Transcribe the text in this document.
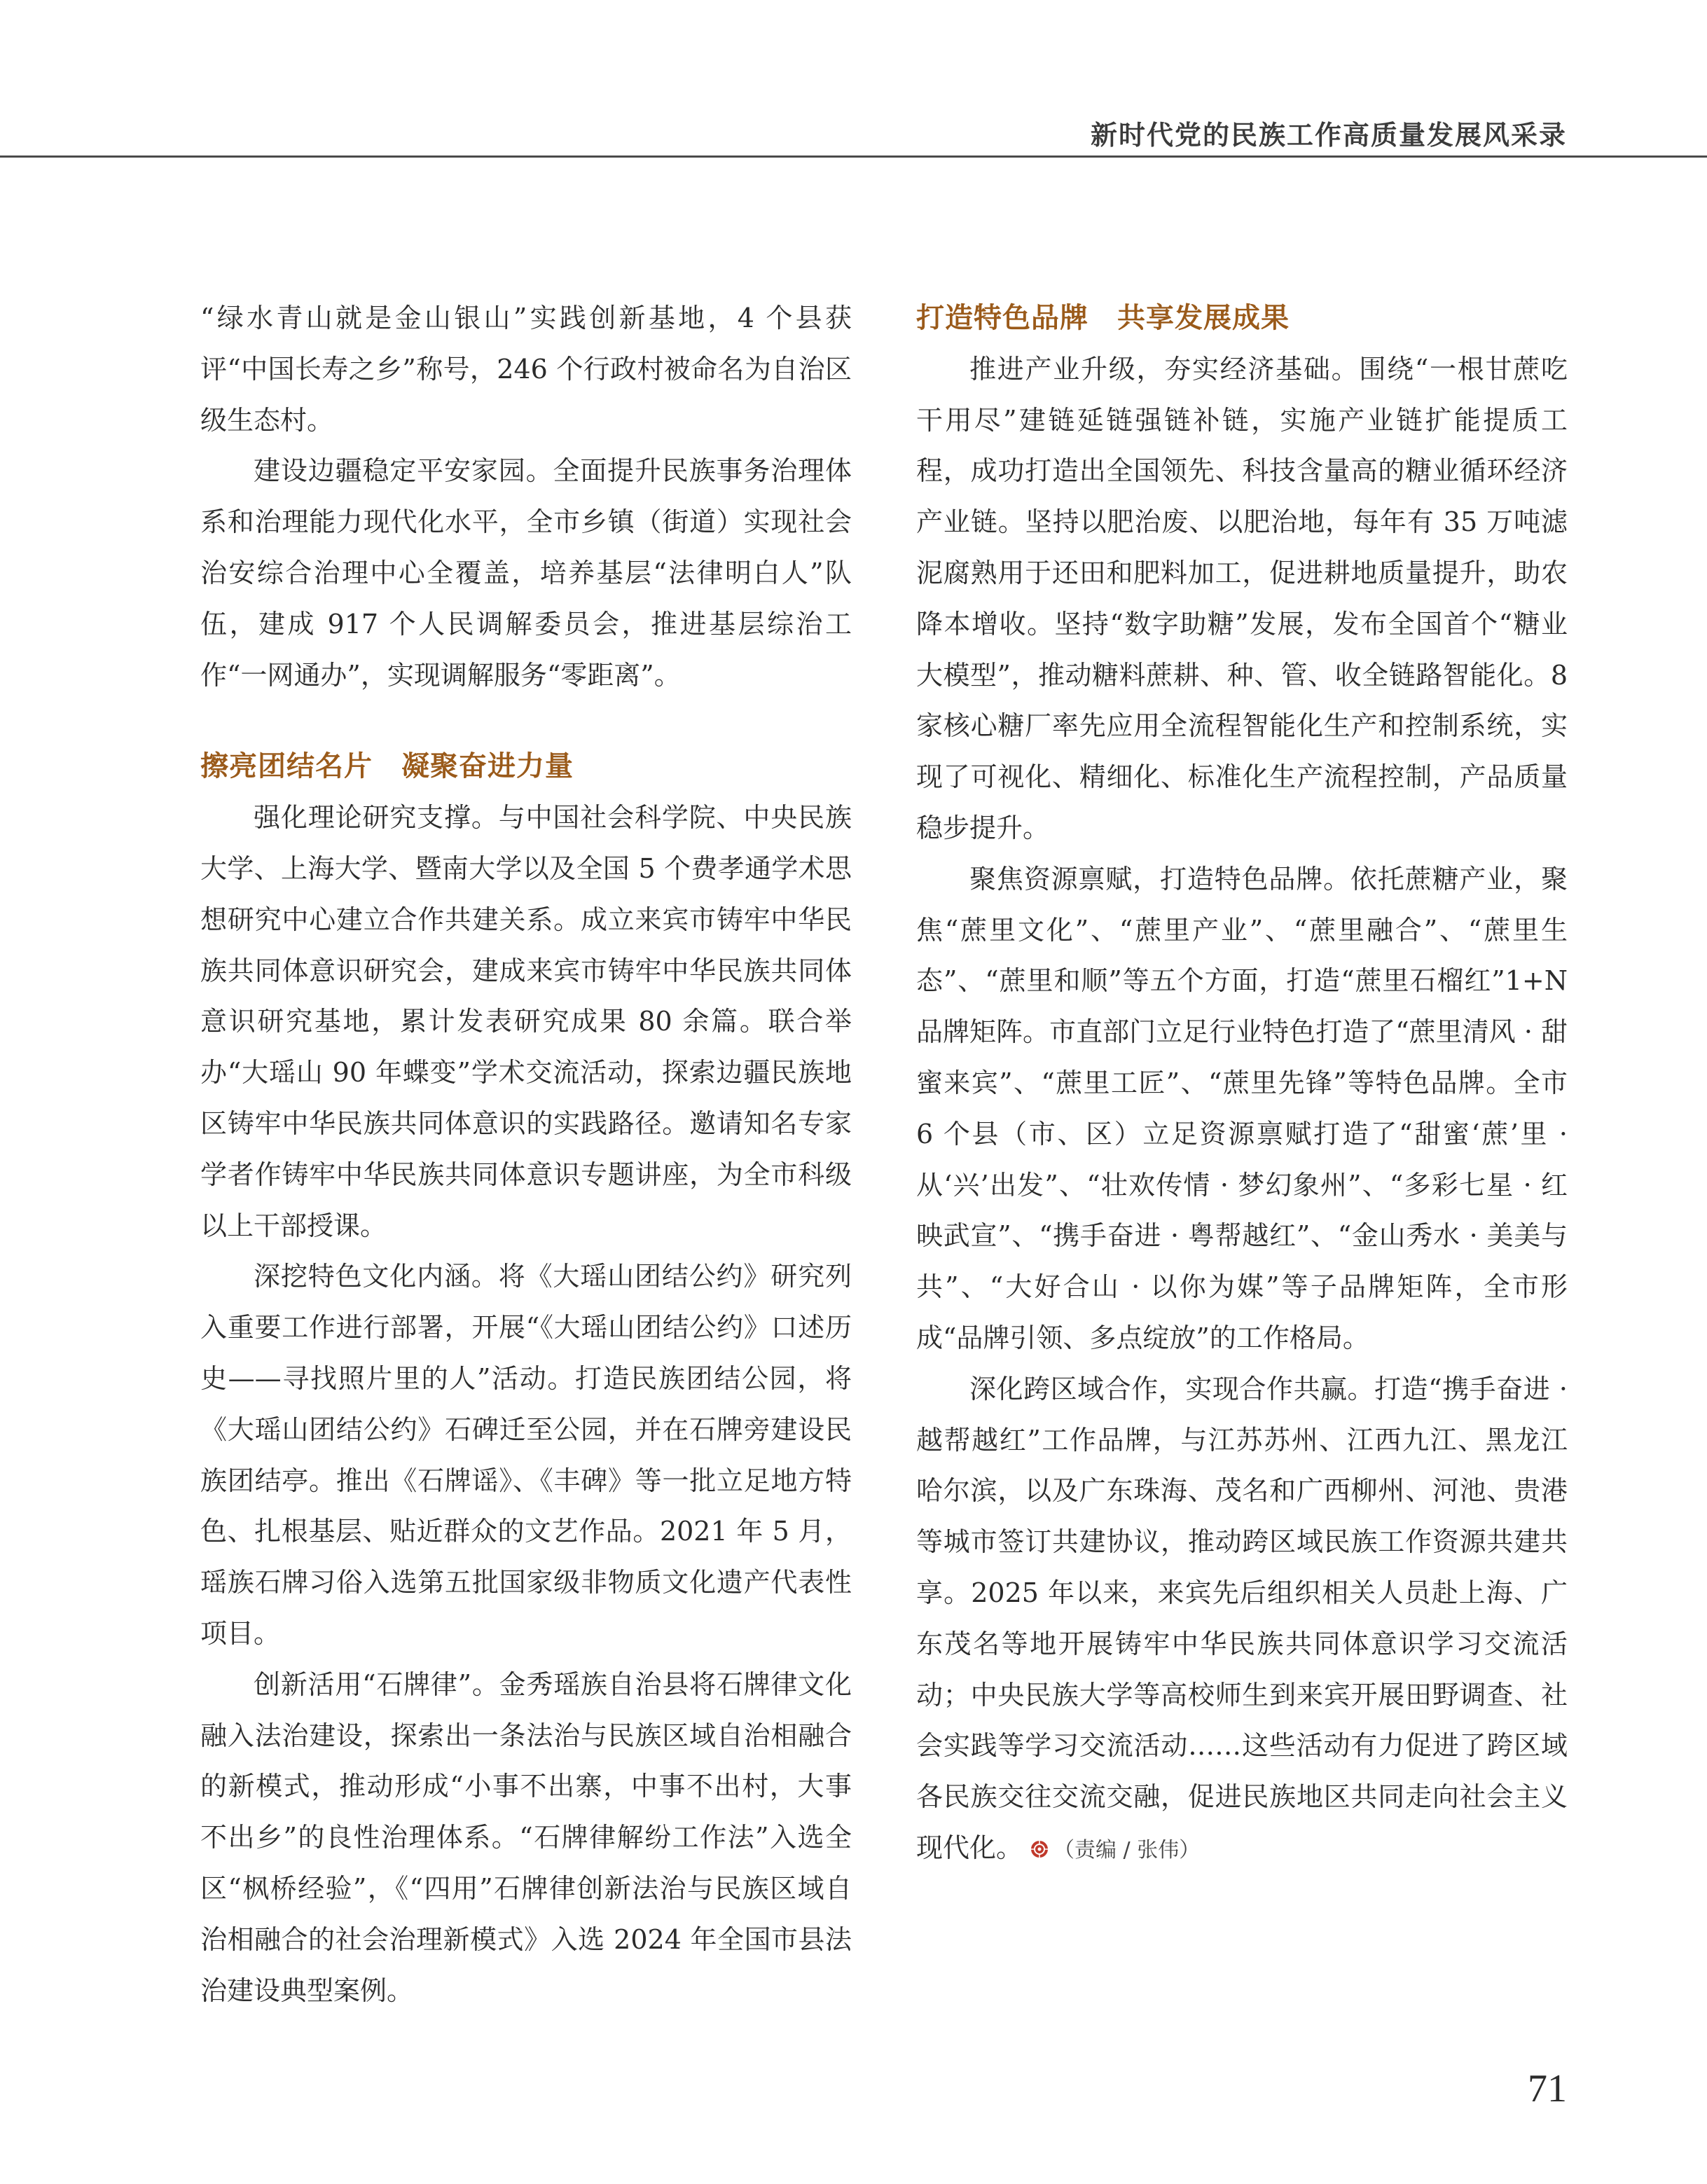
新时代党的民族工作高质量发展风采录

“绿水青山就是金山银山”实践创新基地，4 个县获评“中国长寿之乡”称号，246 个行政村被命名为自治区级生态村。

建设边疆稳定平安家园。全面提升民族事务治理体系和治理能力现代化水平，全市乡镇（街道）实现社会治安综合治理中心全覆盖，培养基层“法律明白人”队伍，建成 917 个人民调解委员会，推进基层综治工作“一网通办”，实现调解服务“零距离”。

擦亮团结名片　凝聚奋进力量

强化理论研究支撑。与中国社会科学院、中央民族大学、上海大学、暨南大学以及全国 5 个费孝通学术思想研究中心建立合作共建关系。成立来宾市铸牢中华民族共同体意识研究会，建成来宾市铸牢中华民族共同体意识研究基地，累计发表研究成果 80 余篇。联合举办“大瑶山 90 年蝶变”学术交流活动，探索边疆民族地区铸牢中华民族共同体意识的实践路径。邀请知名专家学者作铸牢中华民族共同体意识专题讲座，为全市科级以上干部授课。

深挖特色文化内涵。将《大瑶山团结公约》研究列入重要工作进行部署，开展“《大瑶山团结公约》口述历史——寻找照片里的人”活动。打造民族团结公园，将《大瑶山团结公约》石碑迁至公园，并在石牌旁建设民族团结亭。推出《石牌谣》、《丰碑》等一批立足地方特色、扎根基层、贴近群众的文艺作品。2021 年 5 月，瑶族石牌习俗入选第五批国家级非物质文化遗产代表性项目。

创新活用“石牌律”。金秀瑶族自治县将石牌律文化融入法治建设，探索出一条法治与民族区域自治相融合的新模式，推动形成“小事不出寨，中事不出村，大事不出乡”的良性治理体系。“石牌律解纷工作法”入选全区“枫桥经验”，《“四用”石牌律创新法治与民族区域自治相融合的社会治理新模式》入选 2024 年全国市县法治建设典型案例。

打造特色品牌　共享发展成果

推进产业升级，夯实经济基础。围绕“一根甘蔗吃干用尽”建链延链强链补链，实施产业链扩能提质工程，成功打造出全国领先、科技含量高的糖业循环经济产业链。坚持以肥治废、以肥治地，每年有 35 万吨滤泥腐熟用于还田和肥料加工，促进耕地质量提升，助农降本增收。坚持“数字助糖”发展，发布全国首个“糖业大模型”，推动糖料蔗耕、种、管、收全链路智能化。8 家核心糖厂率先应用全流程智能化生产和控制系统，实现了可视化、精细化、标准化生产流程控制，产品质量稳步提升。

聚焦资源禀赋，打造特色品牌。依托蔗糖产业，聚焦“蔗里文化”、“蔗里产业”、“蔗里融合”、“蔗里生态”、“蔗里和顺”等五个方面，打造“蔗里石榴红”1+N 品牌矩阵。市直部门立足行业特色打造了“蔗里清风 · 甜蜜来宾”、“蔗里工匠”、“蔗里先锋”等特色品牌。全市 6 个县（市、区）立足资源禀赋打造了“甜蜜‘蔗’里 · 从‘兴’出发”、“壮欢传情 · 梦幻象州”、“多彩七星 · 红映武宣”、“携手奋进 · 粤帮越红”、“金山秀水 · 美美与共”、“大好合山 · 以你为媒”等子品牌矩阵，全市形成“品牌引领、多点绽放”的工作格局。

深化跨区域合作，实现合作共赢。打造“携手奋进 · 越帮越红”工作品牌，与江苏苏州、江西九江、黑龙江哈尔滨，以及广东珠海、茂名和广西柳州、河池、贵港等城市签订共建协议，推动跨区域民族工作资源共建共享。2025 年以来，来宾先后组织相关人员赴上海、广东茂名等地开展铸牢中华民族共同体意识学习交流活动；中央民族大学等高校师生到来宾开展田野调查、社会实践等学习交流活动……这些活动有力促进了跨区域各民族交往交流交融，促进民族地区共同走向社会主义现代化。 （责编 / 张伟）

71
